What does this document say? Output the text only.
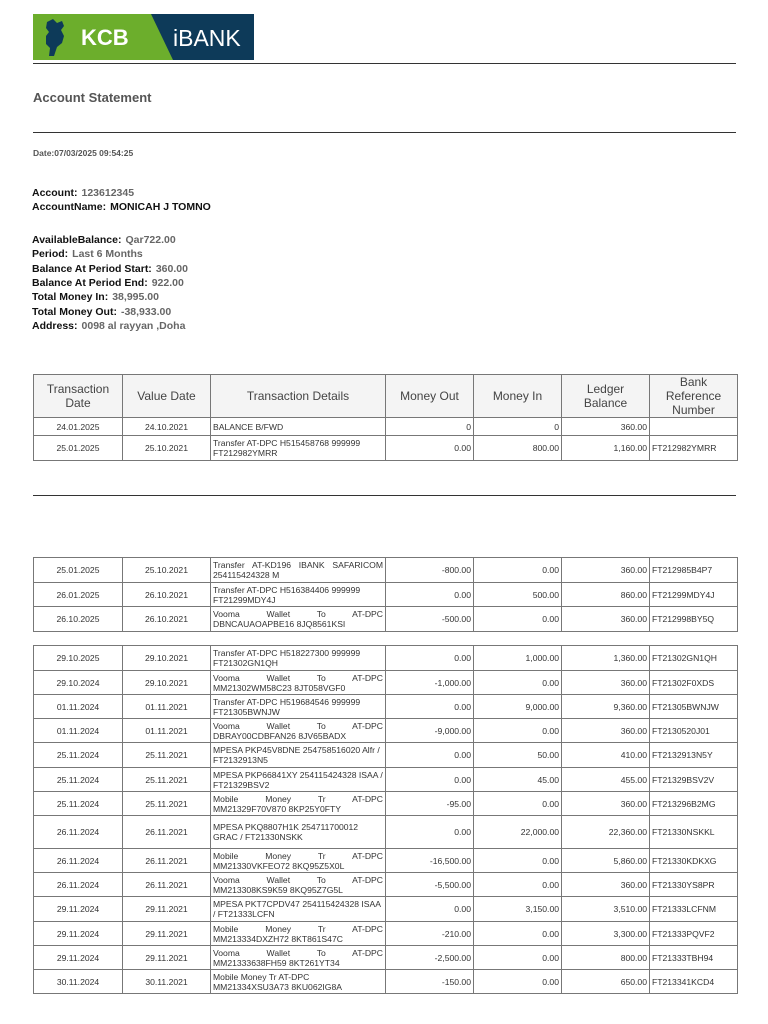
KCB iBANK
Account Statement
Date:07/03/2025 09:54:25
Account: 123612345
AccountName: MONICAH J TOMNO
AvailableBalance: Qar722.00
Period: Last 6 Months
Balance At Period Start: 360.00
Balance At Period End: 922.00
Total Money In: 38,995.00
Total Money Out: -38,933.00
Address: 0098 al rayyan ,Doha
Transaction Date	Value Date	Transaction Details	Money Out	Money In	Ledger Balance	Bank Reference Number
24.01.2025	24.10.2021	BALANCE B/FWD	0	0	360.00	
25.01.2025	25.10.2021	Transfer AT-DPC H515458768 999999 FT212982YMRR	0.00	800.00	1,160.00	FT212982YMRR
25.01.2025	25.10.2021	Transfer AT-KD196 IBANK SAFARICOM 254115424328 M	-800.00	0.00	360.00	FT212985B4P7
26.01.2025	26.10.2021	Transfer AT-DPC H516384406 999999 FT21299MDY4J	0.00	500.00	860.00	FT21299MDY4J
26.10.2025	26.10.2021	Vooma Wallet To AT-DPC DBNCAUAOAPBE16 8JQ8561KSI	-500.00	0.00	360.00	FT212998BY5Q
29.10.2025	29.10.2021	Transfer AT-DPC H518227300 999999 FT21302GN1QH	0.00	1,000.00	1,360.00	FT21302GN1QH
29.10.2024	29.10.2021	Vooma Wallet To AT-DPC MM21302WM58C23 8JT058VGF0	-1,000.00	0.00	360.00	FT21302F0XDS
01.11.2024	01.11.2021	Transfer AT-DPC H519684546 999999 FT21305BWNJW	0.00	9,000.00	9,360.00	FT21305BWNJW
01.11.2024	01.11.2021	Vooma Wallet To AT-DPC DBRAY00CDBFAN26 8JV65BADX	-9,000.00	0.00	360.00	FT2130520J01
25.11.2024	25.11.2021	MPESA PKP45V8DNE 254758516020 Alfr / FT2132913N5	0.00	50.00	410.00	FT2132913N5Y
25.11.2024	25.11.2021	MPESA PKP66841XY 254115424328 ISAA / FT21329BSV2	0.00	45.00	455.00	FT21329BSV2V
25.11.2024	25.11.2021	Mobile Money Tr AT-DPC MM21329F70V870 8KP25Y0FTY	-95.00	0.00	360.00	FT213296B2MG
26.11.2024	26.11.2021	MPESA PKQ8807H1K 254711700012 GRAC / FT21330NSKK	0.00	22,000.00	22,360.00	FT21330NSKKL
26.11.2024	26.11.2021	Mobile Money Tr AT-DPC MM21330VKFEO72 8KQ95Z5X0L	-16,500.00	0.00	5,860.00	FT21330KDKXG
26.11.2024	26.11.2021	Vooma Wallet To AT-DPC MM213308KS9K59 8KQ95Z7G5L	-5,500.00	0.00	360.00	FT21330YS8PR
29.11.2024	29.11.2021	MPESA PKT7CPDV47 254115424328 ISAA / FT21333LCFN	0.00	3,150.00	3,510.00	FT21333LCFNM
29.11.2024	29.11.2021	Mobile Money Tr AT-DPC MM213334DXZH72 8KT861S47C	-210.00	0.00	3,300.00	FT21333PQVF2
29.11.2024	29.11.2021	Vooma Wallet To AT-DPC MM21333638FH59 8KT261YT34	-2,500.00	0.00	800.00	FT21333TBH94
30.11.2024	30.11.2021	Mobile Money Tr AT-DPC MM21334XSU3A73 8KU062IG8A	-150.00	0.00	650.00	FT213341KCD4
